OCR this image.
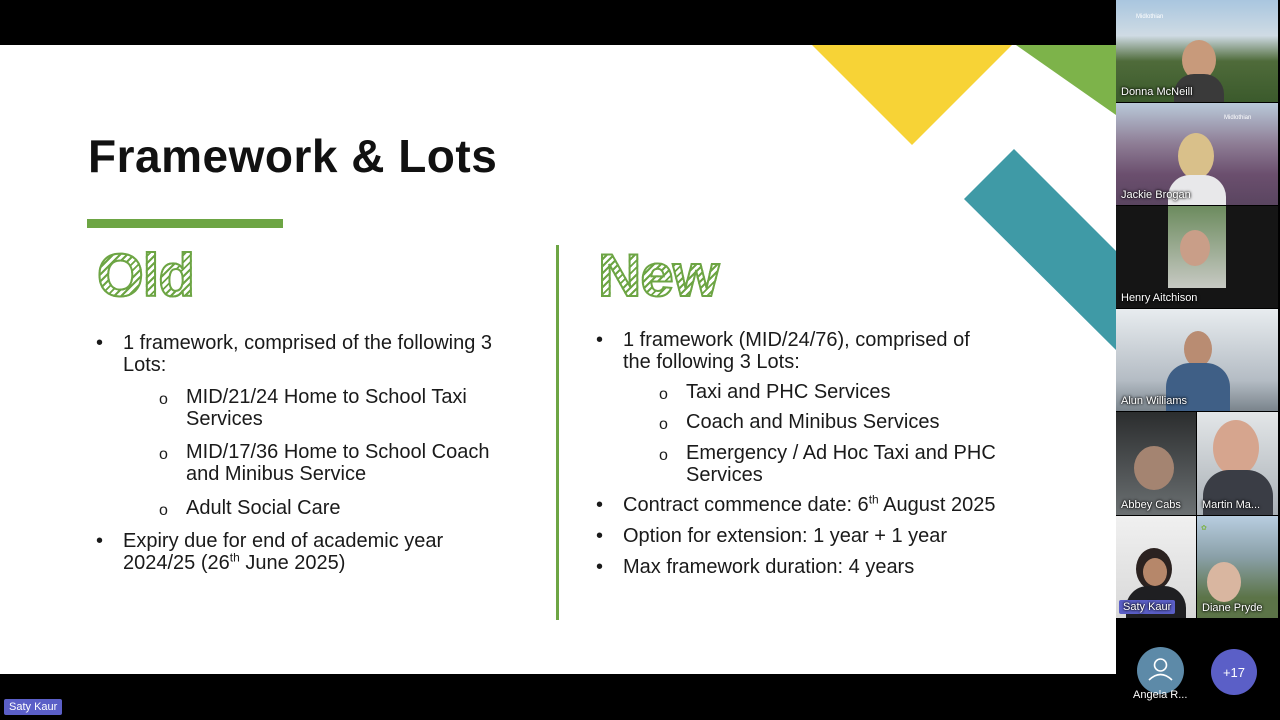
Framework & Lots
Old	New
• 1 framework, comprised of the following 3 Lots:
o MID/21/24 Home to School Taxi Services
o MID/17/36 Home to School Coach and Minibus Service
o Adult Social Care
• Expiry due for end of academic year 2024/25 (26th June 2025)
• 1 framework (MID/24/76), comprised of the following 3 Lots:
o Taxi and PHC Services
o Coach and Minibus Services
o Emergency / Ad Hoc Taxi and PHC Services
• Contract commence date: 6th August 2025
• Option for extension: 1 year + 1 year
• Max framework duration: 4 years
Midlothian
Donna McNeill
Midlothian
Jackie Brogan
Henry Aitchison
Alun Williams
Abbey Cabs Martin Ma...
Saty Kaur
✿
Diane Pryde
Angela R...
+17
Saty Kaur
